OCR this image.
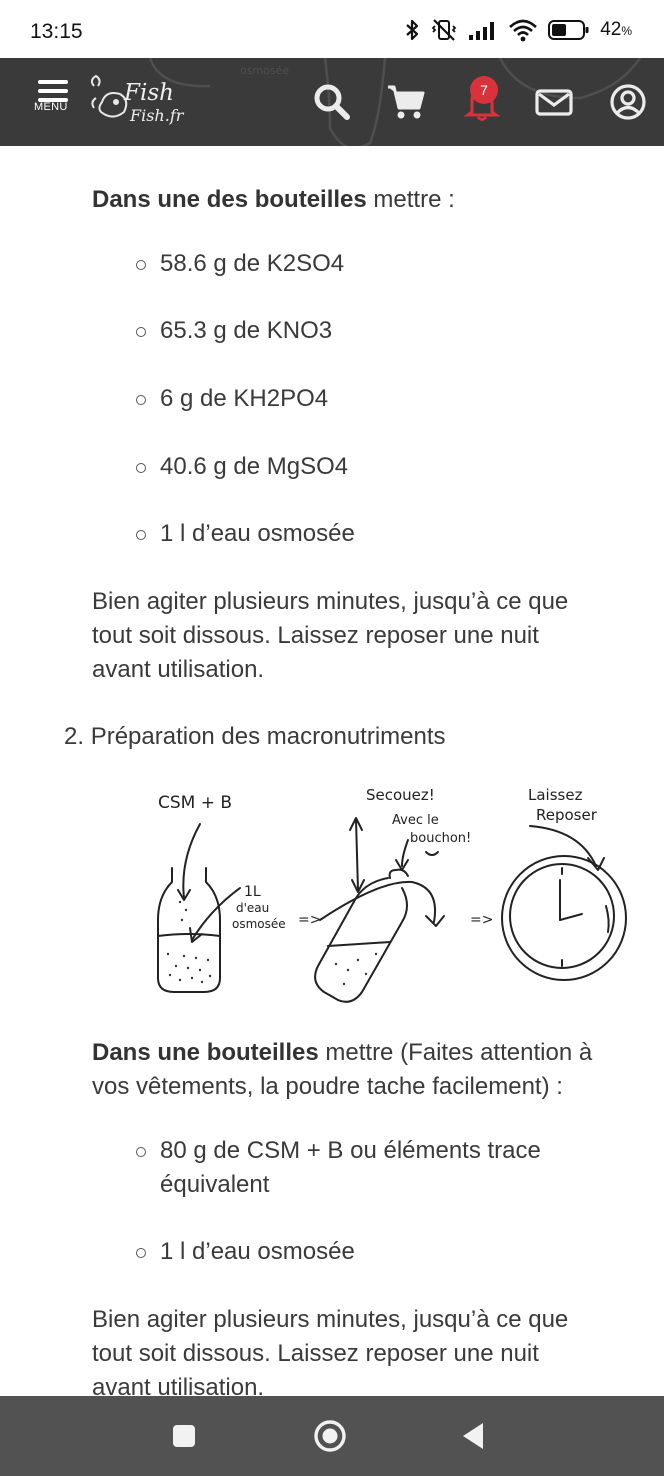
13:15	42%
osmosée
MENU
Fish
Fish.fr
7
Dans une des bouteilles mettre :
58.6 g de K2SO4
65.3 g de KNO3
6 g de KH2PO4
40.6 g de MgSO4
1 l d’eau osmosée
Bien agiter plusieurs minutes, jusqu’à ce que
tout soit dissous. Laissez reposer une nuit
avant utilisation.
2. Préparation des macronutriments
CSM + B
1L
d'eau
osmosée =>
Secouez!
Avec le
bouchon!
=>
Laissez
Reposer
Dans une bouteilles mettre (Faites attention à
vos vêtements, la poudre tache facilement) :
80 g de CSM + B ou éléments trace
équivalent
1 l d’eau osmosée
Bien agiter plusieurs minutes, jusqu’à ce que
tout soit dissous. Laissez reposer une nuit
avant utilisation.
